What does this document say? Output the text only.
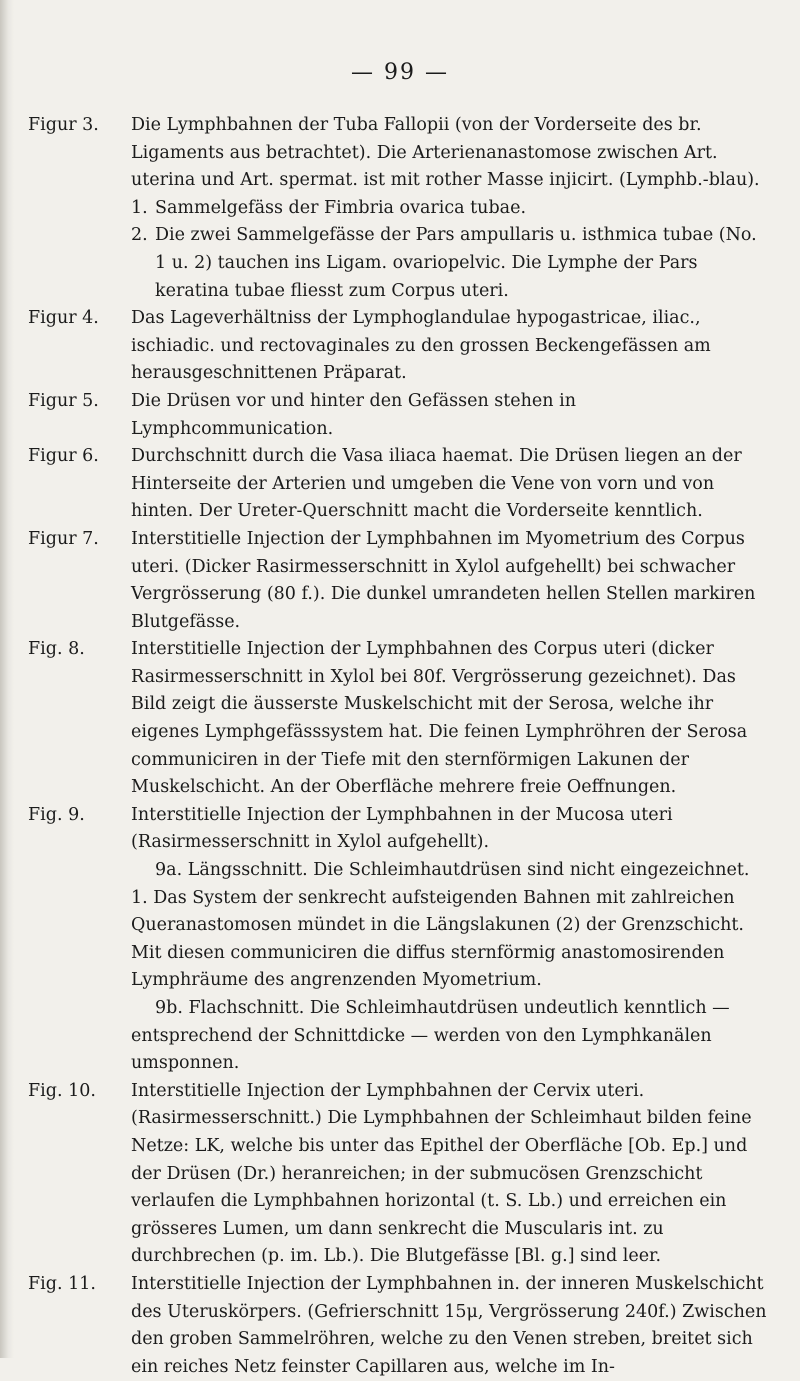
— 99 —
Figur 3.	Die Lymphbahnen der Tuba Fallopii (von der Vorderseite des br. Ligaments aus betrachtet). Die Arterienanastomose zwischen Art. uterina und Art. spermat. ist mit rother Masse injicirt. (Lymphb.-blau).

1. Sammelgefäss der Fimbria ovarica tubae.

2. Die zwei Sammelgefässe der Pars ampullaris u. isthmica tubae (No. 1 u. 2) tauchen ins Ligam. ovariopelvic. Die Lymphe der Pars keratina tubae fliesst zum Corpus uteri.

Figur 4.	Das Lageverhältniss der Lymphoglandulae hypogastricae, iliac., ischiadic. und rectovaginales zu den grossen Beckengefässen am herausgeschnittenen Präparat.

Figur 5.	Die Drüsen vor und hinter den Gefässen stehen in Lymphcommunication.

Figur 6.	Durchschnitt durch die Vasa iliaca haemat. Die Drüsen liegen an der Hinterseite der Arterien und umgeben die Vene von vorn und von hinten. Der Ureter-Querschnitt macht die Vorderseite kenntlich.

Figur 7.	Interstitielle Injection der Lymphbahnen im Myometrium des Corpus uteri. (Dicker Rasirmesserschnitt in Xylol aufgehellt) bei schwacher Vergrösserung (80 f.). Die dunkel umrandeten hellen Stellen markiren Blutgefässe.

Fig. 8.	Interstitielle Injection der Lymphbahnen des Corpus uteri (dicker Rasirmesserschnitt in Xylol bei 80f. Vergrösserung gezeichnet). Das Bild zeigt die äusserste Muskelschicht mit der Serosa, welche ihr eigenes Lymphgefässsystem hat. Die feinen Lymphröhren der Serosa communiciren in der Tiefe mit den sternförmigen Lakunen der Muskelschicht. An der Oberfläche mehrere freie Oeffnungen.

Fig. 9.	Interstitielle Injection der Lymphbahnen in der Mucosa uteri (Rasirmesserschnitt in Xylol aufgehellt).

9a. Längsschnitt. Die Schleimhautdrüsen sind nicht eingezeichnet. 1. Das System der senkrecht aufsteigenden Bahnen mit zahlreichen Queranastomosen mündet in die Längslakunen (2) der Grenzschicht. Mit diesen communiciren die diffus sternförmig anastomosirenden Lymphräume des angrenzenden Myometrium.

9b. Flachschnitt. Die Schleimhautdrüsen undeutlich kenntlich — entsprechend der Schnittdicke — werden von den Lymphkanälen umsponnen.

Fig. 10.	Interstitielle Injection der Lymphbahnen der Cervix uteri. (Rasirmesserschnitt.) Die Lymphbahnen der Schleimhaut bilden feine Netze: LK, welche bis unter das Epithel der Oberfläche [Ob. Ep.] und der Drüsen (Dr.) heranreichen; in der submucösen Grenzschicht verlaufen die Lymphbahnen horizontal (t. S. Lb.) und erreichen ein grösseres Lumen, um dann senkrecht die Muscularis int. zu durchbrechen (p. im. Lb.). Die Blutgefässe [Bl. g.] sind leer.

Fig. 11.	Interstitielle Injection der Lymphbahnen in. der inneren Muskelschicht des Uteruskörpers. (Gefrierschnitt 15μ, Vergrösserung 240f.) Zwischen den groben Sammelröhren, welche zu den Venen streben, breitet sich ein reiches Netz feinster Capillaren aus, welche im In-
